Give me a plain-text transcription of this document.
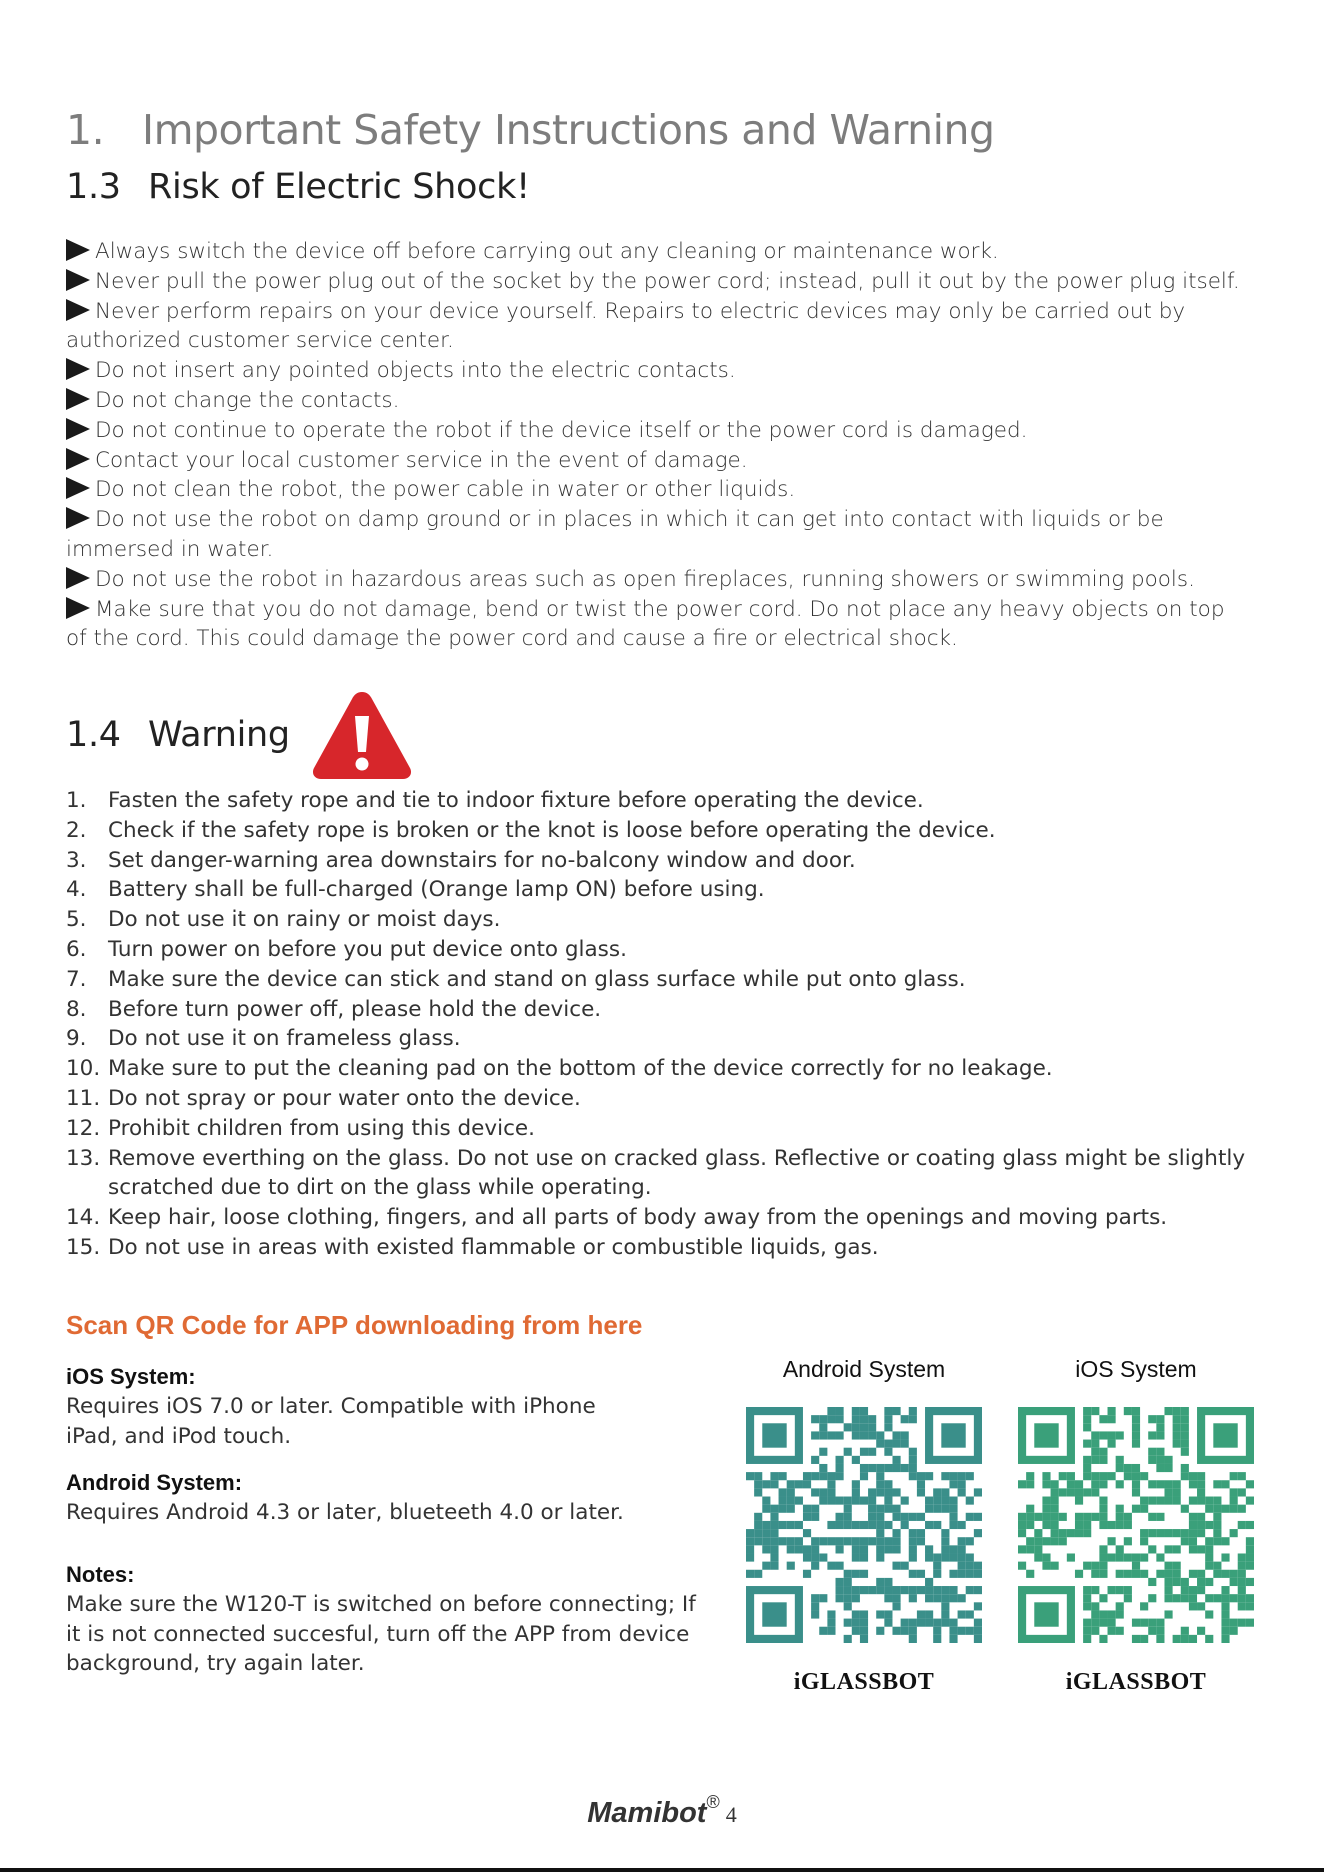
1. Important Safety Instructions and Warning
1.3 Risk of Electric Shock!
Always switch the device off before carrying out any cleaning or maintenance work.
Never pull the power plug out of the socket by the power cord; instead, pull it out by the power plug itself.
Never perform repairs on your device yourself. Repairs to electric devices may only be carried out by authorized customer service center.
Do not insert any pointed objects into the electric contacts.
Do not change the contacts.
Do not continue to operate the robot if the device itself or the power cord is damaged.
Contact your local customer service in the event of damage.
Do not clean the robot, the power cable in water or other liquids.
Do not use the robot on damp ground or in places in which it can get into contact with liquids or be immersed in water.
Do not use the robot in hazardous areas such as open fireplaces, running showers or swimming pools.
Make sure that you do not damage, bend or twist the power cord. Do not place any heavy objects on top of the cord. This could damage the power cord and cause a fire or electrical shock.
1.4 Warning
1. Fasten the safety rope and tie to indoor fixture before operating the device.
2. Check if the safety rope is broken or the knot is loose before operating the device.
3. Set danger-warning area downstairs for no-balcony window and door.
4. Battery shall be full-charged (Orange lamp ON) before using.
5. Do not use it on rainy or moist days.
6. Turn power on before you put device onto glass.
7. Make sure the device can stick and stand on glass surface while put onto glass.
8. Before turn power off, please hold the device.
9. Do not use it on frameless glass.
10. Make sure to put the cleaning pad on the bottom of the device correctly for no leakage.
11. Do not spray or pour water onto the device.
12. Prohibit children from using this device.
13. Remove everthing on the glass. Do not use on cracked glass. Reflective or coating glass might be slightly scratched due to dirt on the glass while operating.
14. Keep hair, loose clothing, fingers, and all parts of body away from the openings and moving parts.
15. Do not use in areas with existed flammable or combustible liquids, gas.
Scan QR Code for APP downloading from here
iOS System:
Requires iOS 7.0 or later. Compatible with iPhone iPad, and iPod touch.
Android System:
Requires Android 4.3 or later, blueteeth 4.0 or later.
Notes:
Make sure the W120-T is switched on before connecting; If it is not connected succesful, turn off the APP from device background, try again later.
Android System
iGLASSBOT
iOS System
iGLASSBOT
Mamibot® 4
